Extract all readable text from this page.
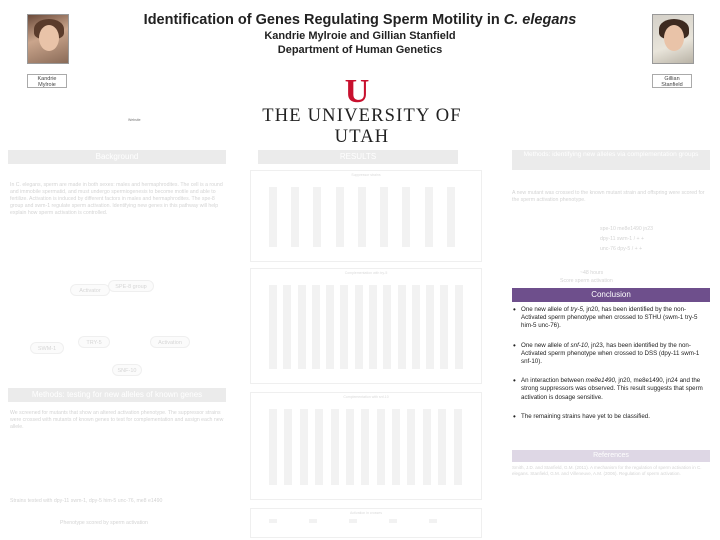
Kandrie Mylroie
Gillian Stanfield
Identification of Genes Regulating Sperm Motility in C. elegans
Kandrie Mylroie and Gillian Stanfield
Department of Human Genetics
U
THE UNIVERSITY OF UTAH
Website
Background
In C. elegans, sperm are made in both sexes: males and hermaphrodites. The cell is a round and immobile spermatid, and must undergo spermiogenesis to become motile and able to fertilize. Activation is induced by different factors in males and hermaphrodites. The spe-8 group and swm-1 regulate sperm activation. Identifying new genes in this pathway will help explain how sperm activation is controlled.
Activator
SPE-8 group
TRY-5
SWM-1
SNF-10
Activation
Methods: testing for new alleles of known genes
We screened for mutants that show an altered activation phenotype. The suppressor strains were crossed with mutants of known genes to test for complementation and assign each new allele.
Strains tested with dpy-11 swm-1, dpy-5 him-5 unc-76, me8 e1490
Phenotype scored by sperm activation
RESULTS
Suppressor strains
Complementation with try-5
Complementation with snf-10
Activation in crosses
Methods: identifying new alleles via complementation groups
A new mutant was crossed to the known mutant strain and offspring were scored for the sperm activation phenotype.
spe-10 me8e1490 jn23
dpy-11 swm-1 / + +
unc-76 dpy-5 / + +
~48 hours
Score sperm activation
Conclusion
• One new allele of try-5, jn20, has been identified by the non-Activated sperm phenotype when crossed to STHU (swm-1 try-5 him-5 unc-76).
• One new allele of snf-10, jn23, has been identified by the non-Activated sperm phenotype when crossed to DSS (dpy-11 swm-1 snf-10).
• An interaction between me8e1490, jn20, me8e1490, jn24 and the strong suppressors was observed. This result suggests that sperm activation is dosage sensitive.
• The remaining strains have yet to be classified.
References
Smith, J.D. and Stanfield, G.M. (2011). A mechanism for the regulation of sperm activation in C. elegans. Stanfield, G.M. and Villeneuve, A.M. (2006). Regulation of sperm activation.
